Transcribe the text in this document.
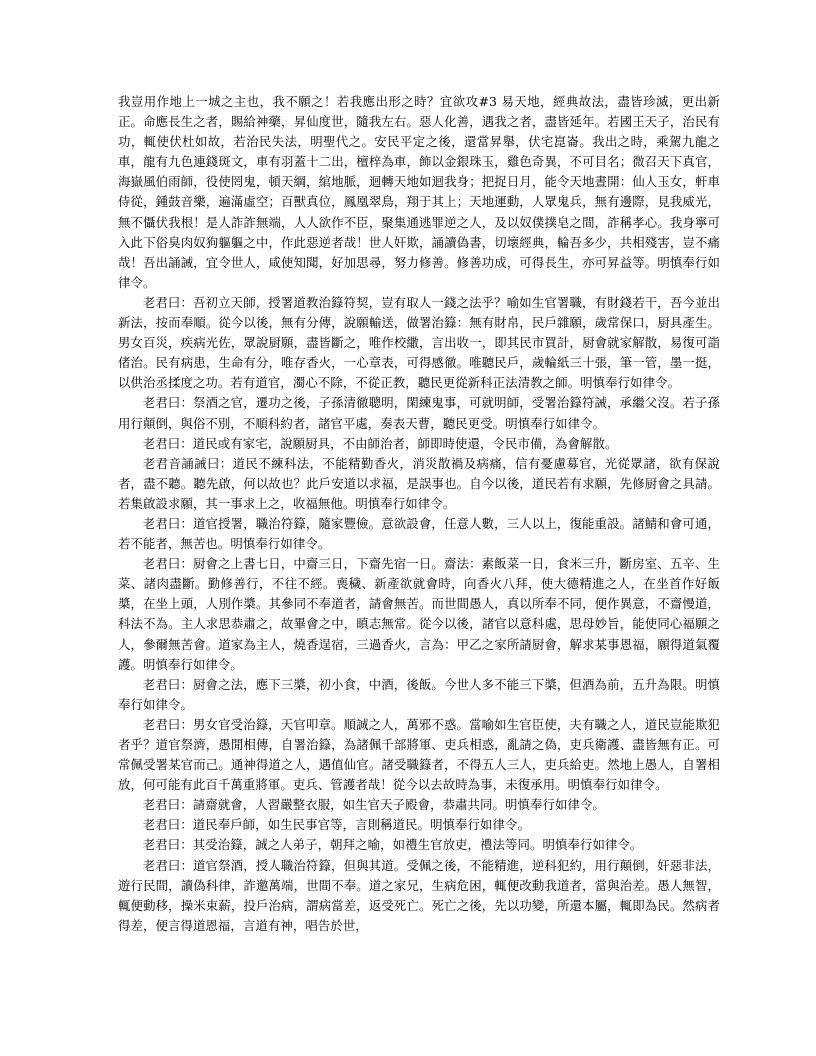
我豈用作地上一城之主也，我不願之！若我應出形之時？宜欲攻#3 易天地，經典故法，盡皆珍滅，更出新正。命應長生之者，賜給神藥，昇仙度世，隨我左右。惡人化善，遇我之者，盡皆延年。若國王天子，治民有功，輒使伏杜如故，若治民失法，明聖代之。安民平定之後，還當昇舉，伏宅崑崙。我出之時，乘駕九龍之車，龍有九色連錢斑文，車有羽蓋十二出，檀梓為車，飾以金銀珠玉，雞色奇異，不可目名；微召天下真官，海嶽風伯雨師，役使罔鬼，頓天綱，綰地脈，迴轉天地如迴我身；把捉日月，能令天地晝開：仙人玉女，軒車侍從，鍾鼓音樂，遍滿虛空；百獸真位，鳳凰翠鳥，翔于其上；天地運動，人眾鬼兵，無有邊際，見我威光，無不懾伏我根！是人詐詐無端，人人欲作不臣，聚集通逃罪逆之人，及以奴僕撲皂之間，詐稱孝心。我身寧可入此下俗臭肉奴狗軀軀之中，作此惡逆者哉！世人奸欺，誦讀偽書，切壞經典，輪吾多少，共相殘害，豈不痛哉！吾出誦誡，宜令世人，咸使知聞，好加思尋，努力修善。修善功成，可得長生，亦可昇益等。明慎奉行如律令。

老君曰：吾初立天師，授署道教治籙符契，豈有取人一錢之法乎？喻如生官署職，有財錢若干，吾今並出新法，按而奉順。從今以後，無有分傳，說願輸送，做署治籙：無有財帛，民戶雜願，歲常保口，厨具產生。男女百災，疾病光佐，眾說厨願，盡皆斷之，唯作校繖，言出收一，即其民市買計，厨會就家解散，易復可詣偖治。民有病患，生命有分，唯存香火，一心章表，可得感徹。唯聽民戶，歲輪紙三十張，筆一管，墨一挺，以供治丞揉度之功。若有道官，濁心不除，不從正教，聽民更從新科正法清教之師。明慎奉行如律令。

老君曰：祭酒之官，遷功之後，子孫清徹聰明，閑練鬼事，可就明師，受署治籙符誡，承繼父沒。若子孫用行顛倒，與俗不別，不順科約者，諸官平處，奏表天曹，聽民更受。明慎奉行如律令。

老君曰：道民或有家宅，說願厨具，不由師治者，師即時使還，令民市備，為會解散。

老君音誦誡曰：道民不練科法，不能精勤香火，消災散禍及病痛，信有憂慮募官，光從眾諸，欲有保說者，盡不聽。聽先啟，何以故也？此戶安道以求福，是誤事也。自今以後，道民若有求願，先修厨會之具請。若集啟設求願，其一事求上之，收福無他。明慎奉行如律令。

老君曰：道官授署，職治符籙，隨家豐儉。意欲設會，任意人數，三人以上，復能重設。諸鯖和會可通，若不能者，無苦也。明慎奉行如律令。

老君曰：厨會之上書七日，中齋三日，下齋先宿一日。齋法：素飯菜一日，食米三升，斷房室、五辛、生菜、諸肉盡斷。勤修善行，不往不經。喪穢、新產欲就會時，向香火八拜，使大德精進之人，在坐首作好飯槳，在坐上頭，人別作槳。其參同不奉道者，請會無苦。而世間愚人，真以所奉不同，便作異意，不齋慢道，科法不為。主人求思恭肅之，故畢會之中，瞋志無常。從今以後，諸官以意科處，思母妙旨，能使同心福願之人，參爾無苦會。道家為主人，燒香逞宿，三過香火，言為：甲乙之家所請厨會，解求某事恩福，願得道氣覆護。明慎奉行如律令。

老君曰：厨會之法，應下三槳，初小食，中酒，後飯。今世人多不能三下槳，但酒為前，五升為限。明慎奉行如律令。

老君曰：男女官受治籙，天官叩章。順誠之人，萬邪不惑。當喻如生官臣使，夫有職之人，道民豈能欺犯者乎？道官祭濟，愚閒相傳，自署治籙，為諸佩千部將軍、吏兵相惑，亂請之偽，吏兵衛護、盡皆無有正。可常佩受署某官而己。通神得道之人，遇值仙官。諸受職籙者，不得五人三人，吏兵給吏。然地上愚人，自署相放，何可能有此百千萬重將軍。吏兵、管護者哉！從今以去故時為事，未復承用。明慎奉行如律令。

老君曰：請齋就會，人習嚴整衣服，如生官天子殿會，恭肅共同。明慎奉行如律令。

老君曰：道民奉戶師，如生民事官等，言則稱道民。明慎奉行如律令。

老君曰：其受治籙，誠之人弟子，朝拜之喻，如禮生官放吏，禮法等同。明慎奉行如律令。

老君曰：道官祭酒，授人職治符籙，但與其道。受佩之後，不能精進，逆科犯約，用行顛倒，奸惡非法，遊行民間，讀偽科律，詐邀萬端，世間不奉。道之家兄，生病危困，輒便改動我道者，當與治差。愚人無智，輒便動移，操米束薪，投戶治病，謂病當差，返受死亡。死亡之後，先以功變，所還本屬，輒即為民。然病者得差，便言得道恩福，言道有神，唱告於世，
